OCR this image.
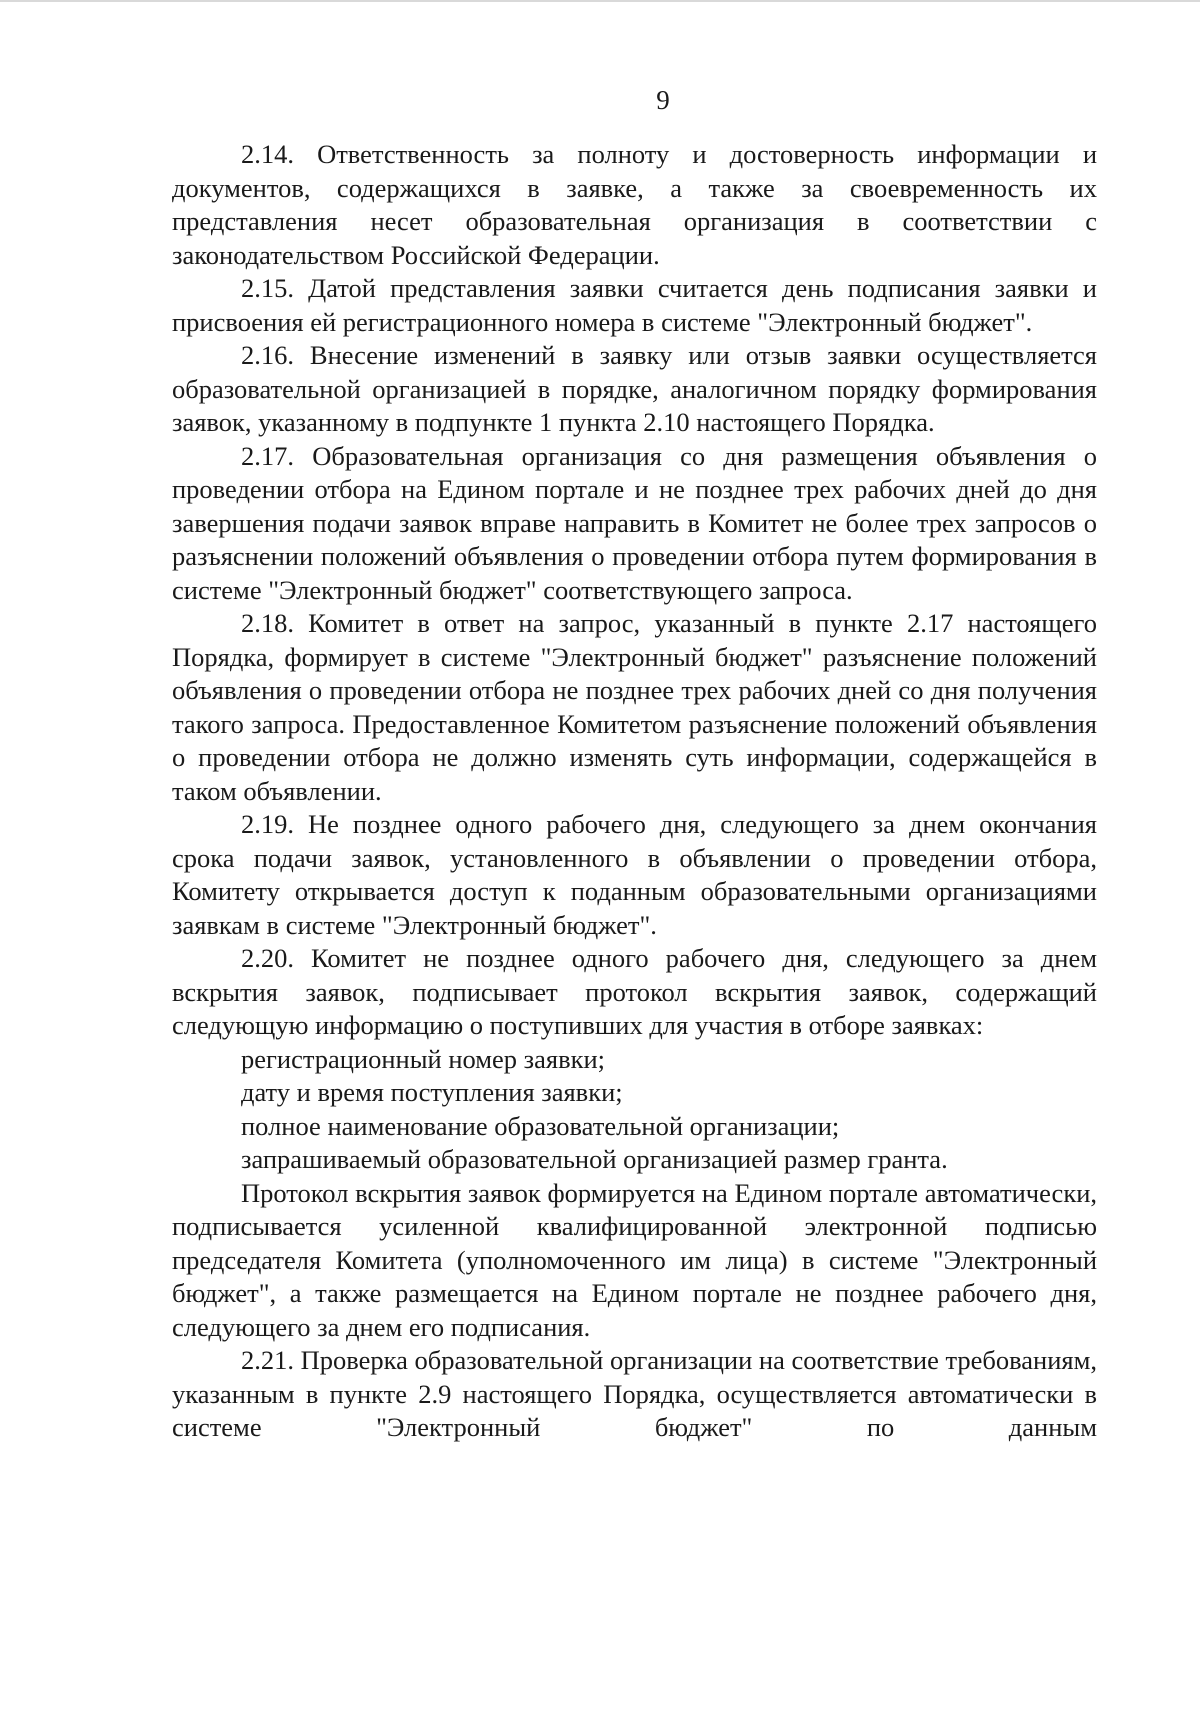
9

2.14. Ответственность за полноту и достоверность информации и документов, содержащихся в заявке, а также за своевременность их представления несет образовательная организация в соответствии с законодательством Российской Федерации.

2.15. Датой представления заявки считается день подписания заявки и присвоения ей регистрационного номера в системе "Электронный бюджет".

2.16. Внесение изменений в заявку или отзыв заявки осуществляется образовательной организацией в порядке, аналогичном порядку формирования заявок, указанному в подпункте 1 пункта 2.10 настоящего Порядка.

2.17. Образовательная организация со дня размещения объявления о проведении отбора на Едином портале и не позднее трех рабочих дней до дня завершения подачи заявок вправе направить в Комитет не более трех запросов о разъяснении положений объявления о проведении отбора путем формирования в системе "Электронный бюджет" соответствующего запроса.

2.18. Комитет в ответ на запрос, указанный в пункте 2.17 настоящего Порядка, формирует в системе "Электронный бюджет" разъяснение положений объявления о проведении отбора не позднее трех рабочих дней со дня получения такого запроса. Предоставленное Комитетом разъяснение положений объявления о проведении отбора не должно изменять суть информации, содержащейся в таком объявлении.

2.19. Не позднее одного рабочего дня, следующего за днем окончания срока подачи заявок, установленного в объявлении о проведении отбора, Комитету открывается доступ к поданным образовательными организациями заявкам в системе "Электронный бюджет".

2.20. Комитет не позднее одного рабочего дня, следующего за днем вскрытия заявок, подписывает протокол вскрытия заявок, содержащий следующую информацию о поступивших для участия в отборе заявках:

регистрационный номер заявки;

дату и время поступления заявки;

полное наименование образовательной организации;

запрашиваемый образовательной организацией размер гранта.

Протокол вскрытия заявок формируется на Едином портале автоматически, подписывается усиленной квалифицированной электронной подписью председателя Комитета (уполномоченного им лица) в системе "Электронный бюджет", а также размещается на Едином портале не позднее рабочего дня, следующего за днем его подписания.

2.21. Проверка образовательной организации на соответствие требованиям, указанным в пункте 2.9 настоящего Порядка, осуществляется автоматически в системе "Электронный бюджет" по данным
